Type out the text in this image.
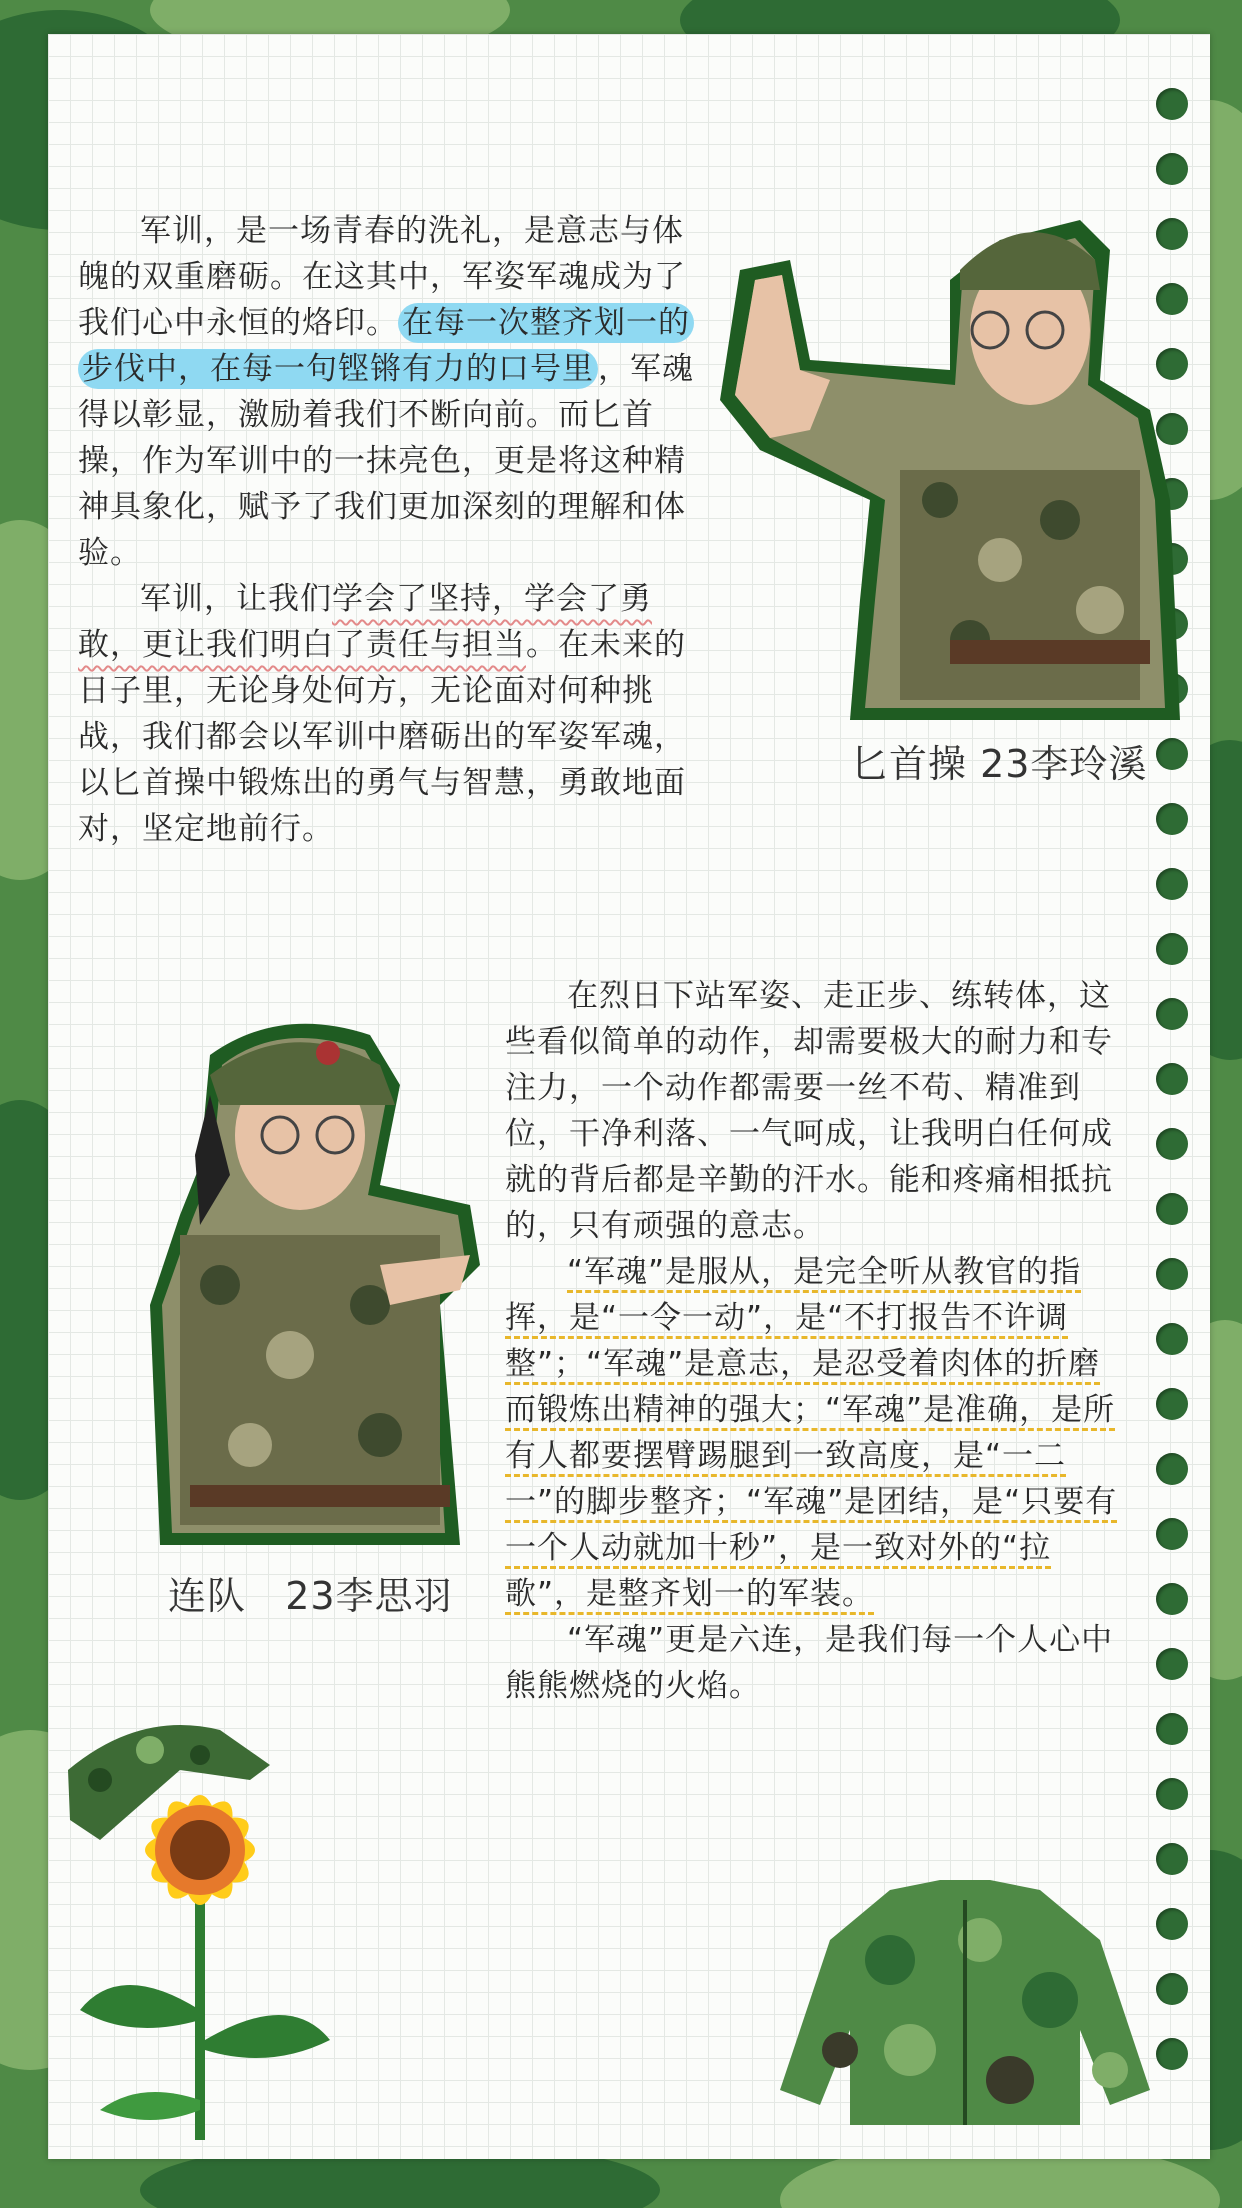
军训，是一场青春的洗礼，是意志与体魄的双重磨砺。在这其中，军姿军魂成为了我们心中永恒的烙印。 在每一次整齐划一的步伐中，在每一句铿锵有力的口号里 ，军魂得以彰显，激励着我们不断向前。而匕首操，作为军训中的一抹亮色，更是将这种精神具象化，赋予了我们更加深刻的理解和体验。

军训，让我们学会了坚持，学会了勇敢，更让我们明白了责任与担当。在未来的日子里，无论身处何方，无论面对何种挑战，我们都会以军训中磨砺出的军姿军魂，以匕首操中锻炼出的勇气与智慧，勇敢地面对，坚定地前行。

匕首操 23李玲溪
连队   23李思羽

在烈日下站军姿、走正步、练转体，这些看似简单的动作，却需要极大的耐力和专注力，一个动作都需要一丝不苟、精准到位，干净利落、一气呵成，让我明白任何成就的背后都是辛勤的汗水。能和疼痛相抵抗的，只有顽强的意志。

“军魂”是服从，是完全听从教官的指挥，是“一令一动”，是“不打报告不许调整”；“军魂”是意志，是忍受着肉体的折磨而锻炼出精神的强大；“军魂”是准确，是所有人都要摆臂踢腿到一致高度，是“一二一”的脚步整齐；“军魂”是团结，是“只要有一个人动就加十秒”，是一致对外的“拉歌”，是整齐划一的军装。

“军魂”更是六连，是我们每一个人心中熊熊燃烧的火焰。
